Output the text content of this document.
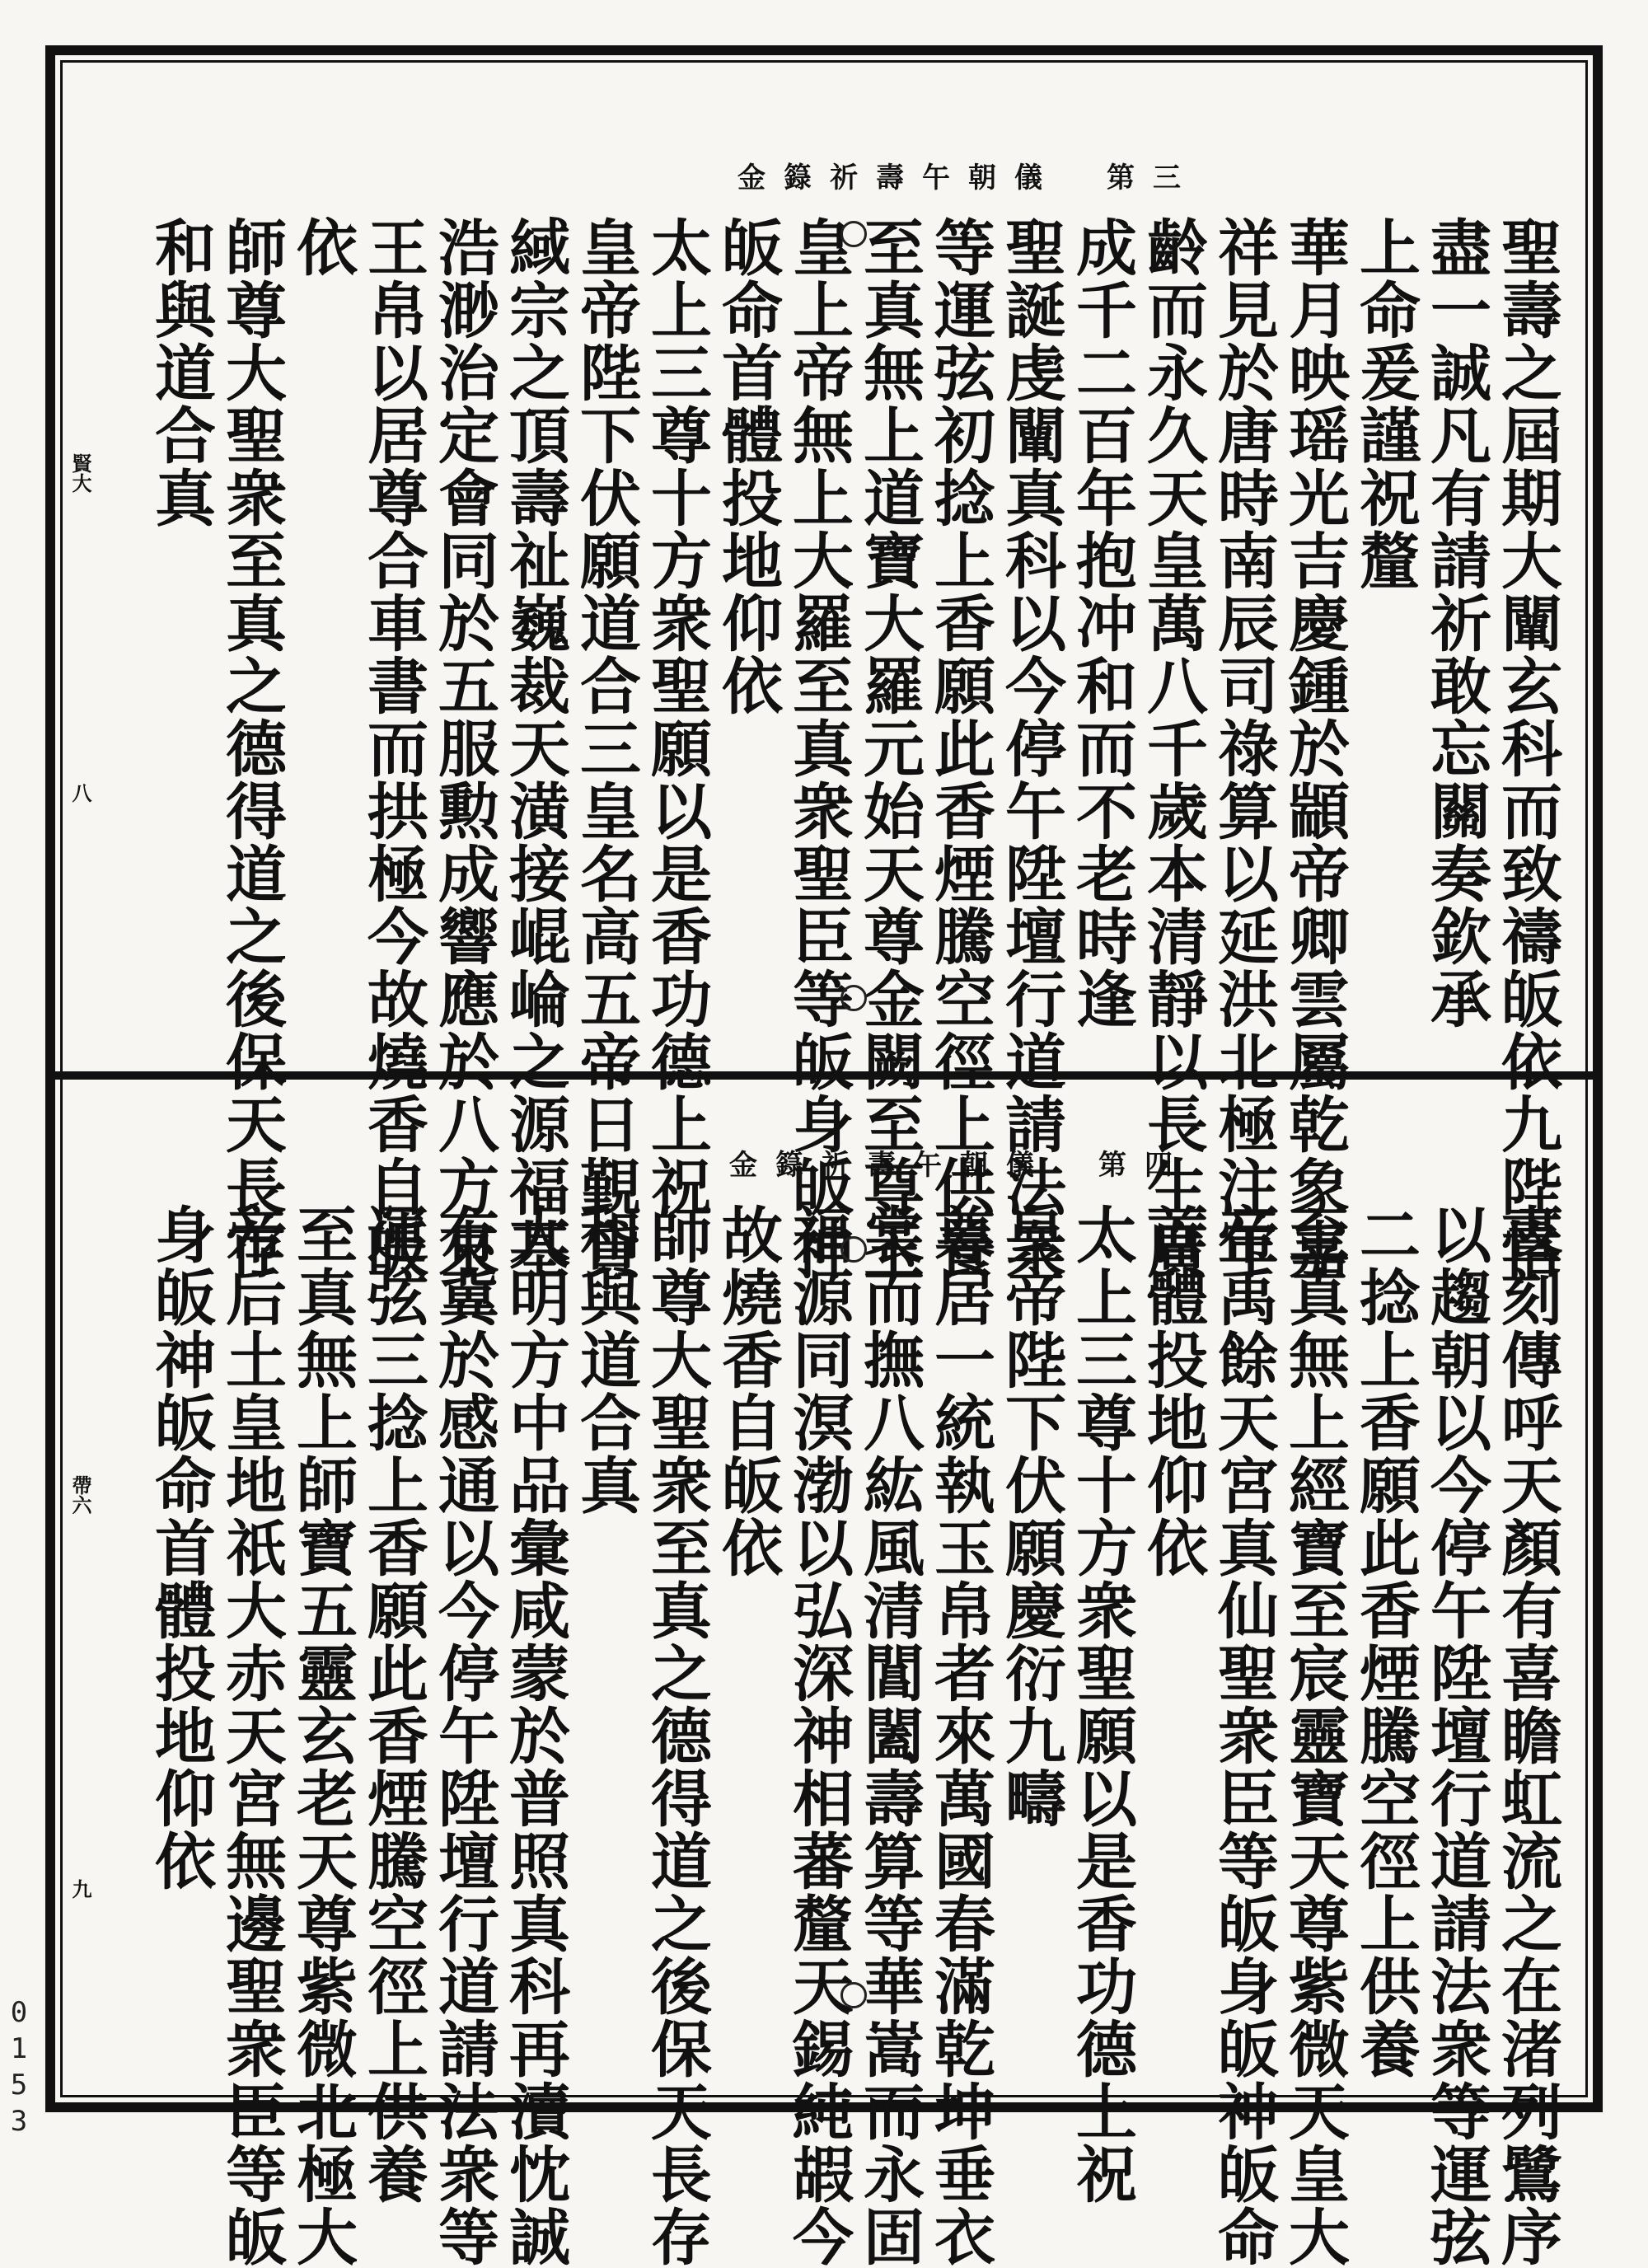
金籙祈壽午朝儀　第三
聖壽之屆期大闡玄科而致禱皈依九陛恪
盡一誠凡有請祈敢忘關奏欽承
上命爰謹祝釐
華月映瑶光吉慶鍾於顓帝卿雲屬乾象嘉
祥見於唐時南辰司祿算以延洪北極注年
齡而永久天皇萬八千歲本清靜以長生廣
成千二百年抱冲和而不老時逢
聖誕虔闡真科以今停午陞壇行道請法衆
等運弦初捻上香願此香煙騰空徑上供養
至真無上道寶大羅元始天尊金闕至尊玉
皇上帝無上大羅至真衆聖臣等皈身皈神
皈命首體投地仰依
太上三尊十方衆聖願以是香功德上祝
皇帝陛下伏願道合三皇名高五帝日覲貸
緎宗之頂壽祉巍裁天潢接崐崘之源福基
浩渺治定會同於五服勲成響應於八方來
王帛以居尊合車書而拱極今故燒香自皈
依
師尊大聖衆至真之德得道之後保天長存
和與道合真
賢大
八
金籙祈壽午朝儀　第四
晝刻傳呼天顏有喜瞻虹流之在渚列鷺序
以趨朝以今停午陞壇行道請法衆等運弦
二捻上香願此香煙騰空徑上供養
至真無上經寶至宸靈寶天尊紫微天皇大
帝禹餘天宮真仙聖衆臣等皈身皈神皈命
首體投地仰依
太上三尊十方衆聖願以是香功德上祝
皇帝陛下伏願慶衍九疇
尊居一統執玉帛者來萬國春滿乾坤垂衣
裳而撫八紘風清閶闔壽算等華嵩而永固
福源同溟渤以弘深神相蕃釐天錫純嘏今
故燒香自皈依
師尊大聖衆至真之德得道之後保天長存
和與道合真
大明方中品彙咸蒙於普照真科再瀆忱誠
有冀於感通以今停午陞壇行道請法衆等
運弦三捻上香願此香煙騰空徑上供養
至真無上師寶五靈玄老天尊紫微北極大
帝后土皇地祇大赤天宮無邊聖衆臣等皈
身皈神皈命首體投地仰依
帶六
九
0153
